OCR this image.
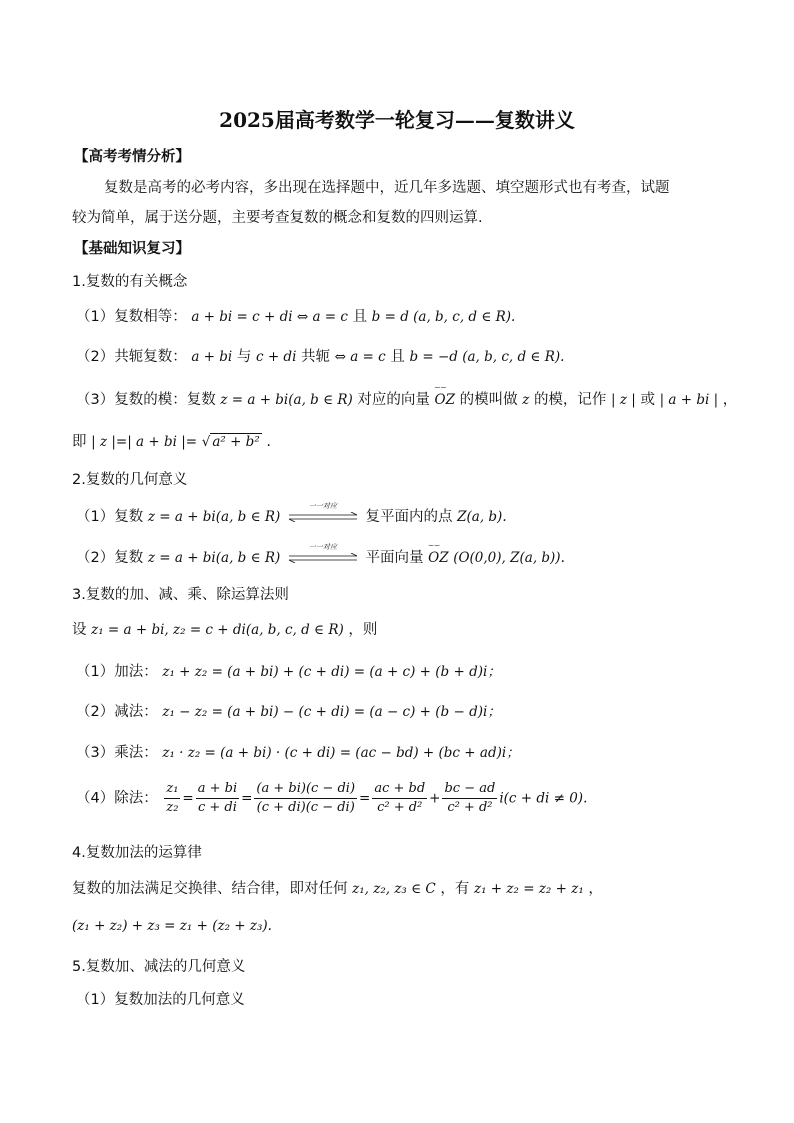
2025届高考数学一轮复习——复数讲义
【高考考情分析】
复数是高考的必考内容，多出现在选择题中，近几年多选题、填空题形式也有考查，试题
较为简单，属于送分题，主要考查复数的概念和复数的四则运算.
【基础知识复习】
1.复数的有关概念
（1）复数相等： a + bi = c + di ⇔ a = c 且 b = d (a, b, c, d ∈ R).
（2）共轭复数： a + bi 与 c + di 共轭 ⇔ a = c 且 b = −d (a, b, c, d ∈ R).
（3）复数的模：复数 z = a + bi(a, b ∈ R) 对应的向量
⌣⌣
OZ 的模叫做 z 的模，记作 | z | 或 | a + bi | ，
即 | z |=| a + bi |= √ a² + b² .
2.复数的几何意义
（1）复数 z = a + bi(a, b ∈ R)
一一对应
复平面内的点 Z(a, b).
（2）复数 z = a + bi(a, b ∈ R)
一一对应
平面向量
⌣⌣
OZ (O(0,0), Z(a, b)).
3.复数的加、减、乘、除运算法则
设 z₁ = a + bi, z₂ = c + di(a, b, c, d ∈ R) ，则
（1）加法： z₁ + z₂ = (a + bi) + (c + di) = (a + c) + (b + d)i；
（2）减法： z₁ − z₂ = (a + bi) − (c + di) = (a − c) + (b − d)i；
（3）乘法： z₁ · z₂ = (a + bi) · (c + di) = (ac − bd) + (bc + ad)i；
（4）除法： $\frac{\text{z₁}}{\text{z₂}} = \frac{a + bi}{c + di} = \frac{(a + bi)(c - di)}{(c + di)(c - di)} = \frac{ac + bd}{\text{c² + d²}} + \frac{bc - ad}{\text{c² + d²}} i(c$ + di ≠ 0).
4.复数加法的运算律
复数的加法满足交换律、结合律，即对任何 z₁, z₂, z₃ ∈ C ，有 z₁ + z₂ = z₂ + z₁ ，
(z₁ + z₂) + z₃ = z₁ + (z₂ + z₃).
5.复数加、减法的几何意义
（1）复数加法的几何意义
